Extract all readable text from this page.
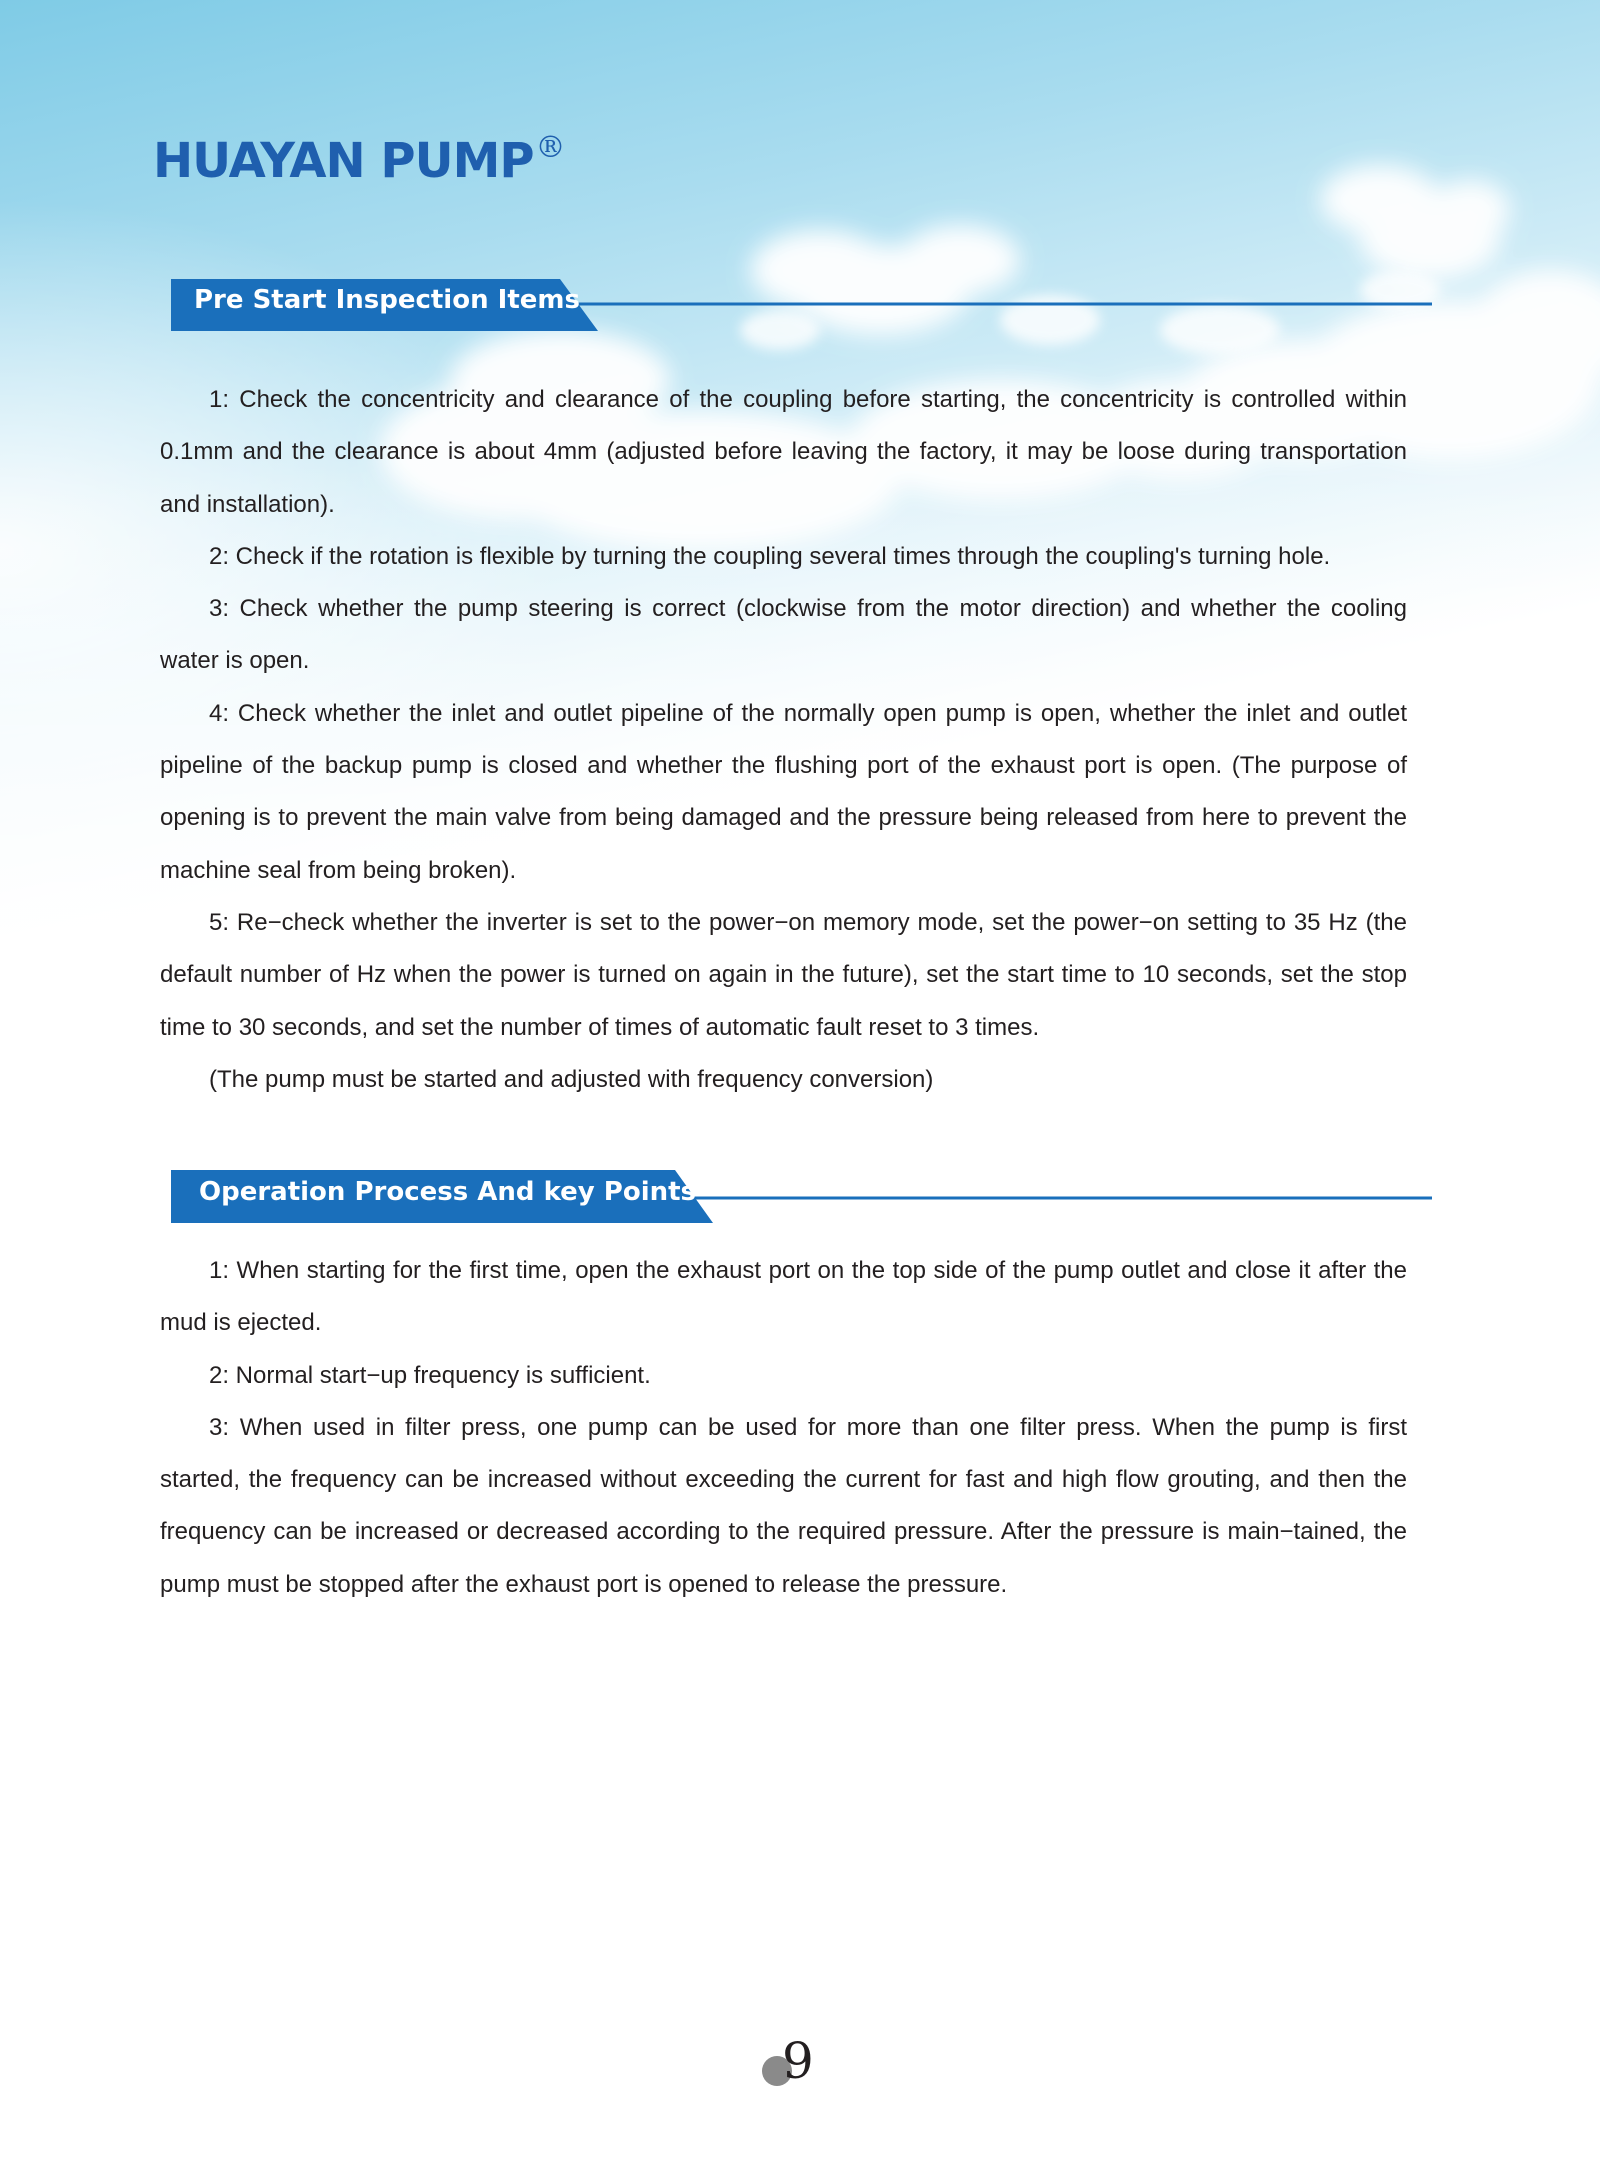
HUAYAN PUMP®
Pre Start Inspection Items

1: Check the concentricity and clearance of the coupling before starting, the concentricity is controlled within 0.1mm and the clearance is about 4mm (adjusted before leaving the factory, it may be loose during transportation and installation).

2: Check if the rotation is flexible by turning the coupling several times through the coupling's turning hole.

3: Check whether the pump steering is correct (clockwise from the motor direction) and whether the cooling water is open.

4: Check whether the inlet and outlet pipeline of the normally open pump is open, whether the inlet and outlet pipeline of the backup pump is closed and whether the flushing port of the exhaust port is open. (The purpose of opening is to prevent the main valve from being damaged and the pressure being released from here to prevent the machine seal from being broken).

5: Re−check whether the inverter is set to the power−on memory mode, set the power−on setting to 35 Hz (the default number of Hz when the power is turned on again in the future), set the start time to 10 seconds, set the stop time to 30 seconds, and set the number of times of automatic fault reset to 3 times.

(The pump must be started and adjusted with frequency conversion)

Operation Process And key Points

1: When starting for the first time, open the exhaust port on the top side of the pump outlet and close it after the mud is ejected.

2: Normal start−up frequency is sufficient.

3: When used in filter press, one pump can be used for more than one filter press. When the pump is first started, the frequency can be increased without exceeding the current for fast and high flow grouting, and then the frequency can be increased or decreased according to the required pressure. After the pressure is main−tained, the pump must be stopped after the exhaust port is opened to release the pressure.

9
